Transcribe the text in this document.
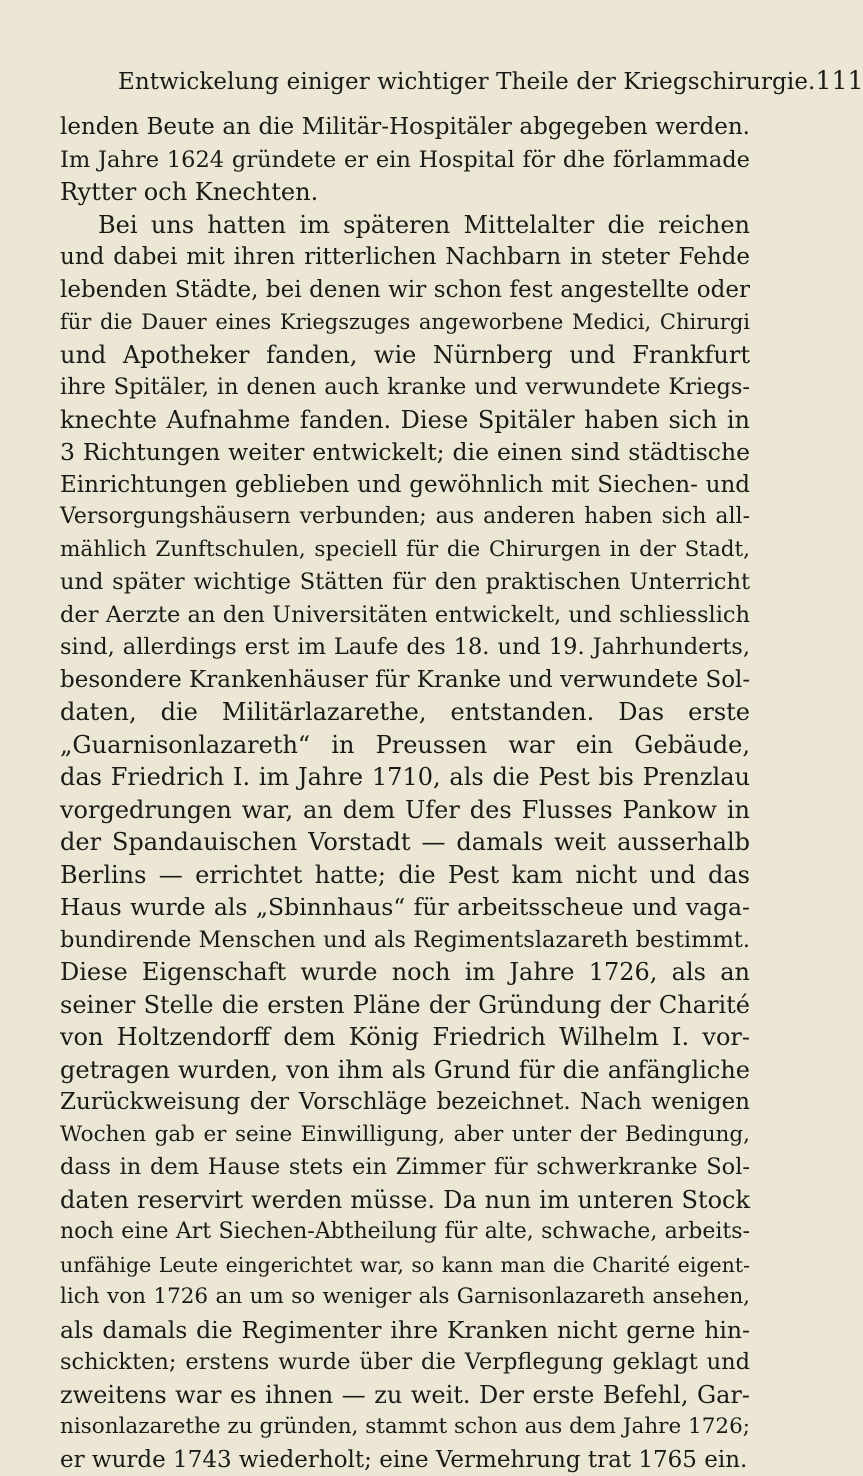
Entwickelung einiger wichtiger Theile der Kriegschirurgie. 111
lenden Beute an die Militär-Hospitäler abgegeben werden.
Im Jahre 1624 gründete er ein Hospital för dhe förlammade
Rytter och Knechten.
Bei uns hatten im späteren Mittelalter die reichen
und dabei mit ihren ritterlichen Nachbarn in steter Fehde
lebenden Städte, bei denen wir schon fest angestellte oder
für die Dauer eines Kriegszuges angeworbene Medici, Chirurgi
und Apotheker fanden, wie Nürnberg und Frankfurt
ihre Spitäler, in denen auch kranke und verwundete Kriegs-
knechte Aufnahme fanden. Diese Spitäler haben sich in
3 Richtungen weiter entwickelt; die einen sind städtische
Einrichtungen geblieben und gewöhnlich mit Siechen- und
Versorgungshäusern verbunden; aus anderen haben sich all-
mählich Zunftschulen, speciell für die Chirurgen in der Stadt,
und später wichtige Stätten für den praktischen Unterricht
der Aerzte an den Universitäten entwickelt, und schliesslich
sind, allerdings erst im Laufe des 18. und 19. Jahrhunderts,
besondere Krankenhäuser für Kranke und verwundete Sol-
daten, die Militärlazarethe, entstanden. Das erste
„Guarnisonlazareth“ in Preussen war ein Gebäude,
das Friedrich I. im Jahre 1710, als die Pest bis Prenzlau
vorgedrungen war, an dem Ufer des Flusses Pankow in
der Spandauischen Vorstadt — damals weit ausserhalb
Berlins — errichtet hatte; die Pest kam nicht und das
Haus wurde als „Sbinnhaus“ für arbeitsscheue und vaga-
bundirende Menschen und als Regimentslazareth bestimmt.
Diese Eigenschaft wurde noch im Jahre 1726, als an
seiner Stelle die ersten Pläne der Gründung der Charité
von Holtzendorff dem König Friedrich Wilhelm I. vor-
getragen wurden, von ihm als Grund für die anfängliche
Zurückweisung der Vorschläge bezeichnet. Nach wenigen
Wochen gab er seine Einwilligung, aber unter der Bedingung,
dass in dem Hause stets ein Zimmer für schwerkranke Sol-
daten reservirt werden müsse. Da nun im unteren Stock
noch eine Art Siechen-Abtheilung für alte, schwache, arbeits-
unfähige Leute eingerichtet war, so kann man die Charité eigent-
lich von 1726 an um so weniger als Garnisonlazareth ansehen,
als damals die Regimenter ihre Kranken nicht gerne hin-
schickten; erstens wurde über die Verpflegung geklagt und
zweitens war es ihnen — zu weit. Der erste Befehl, Gar-
nisonlazarethe zu gründen, stammt schon aus dem Jahre 1726;
er wurde 1743 wiederholt; eine Vermehrung trat 1765 ein.
